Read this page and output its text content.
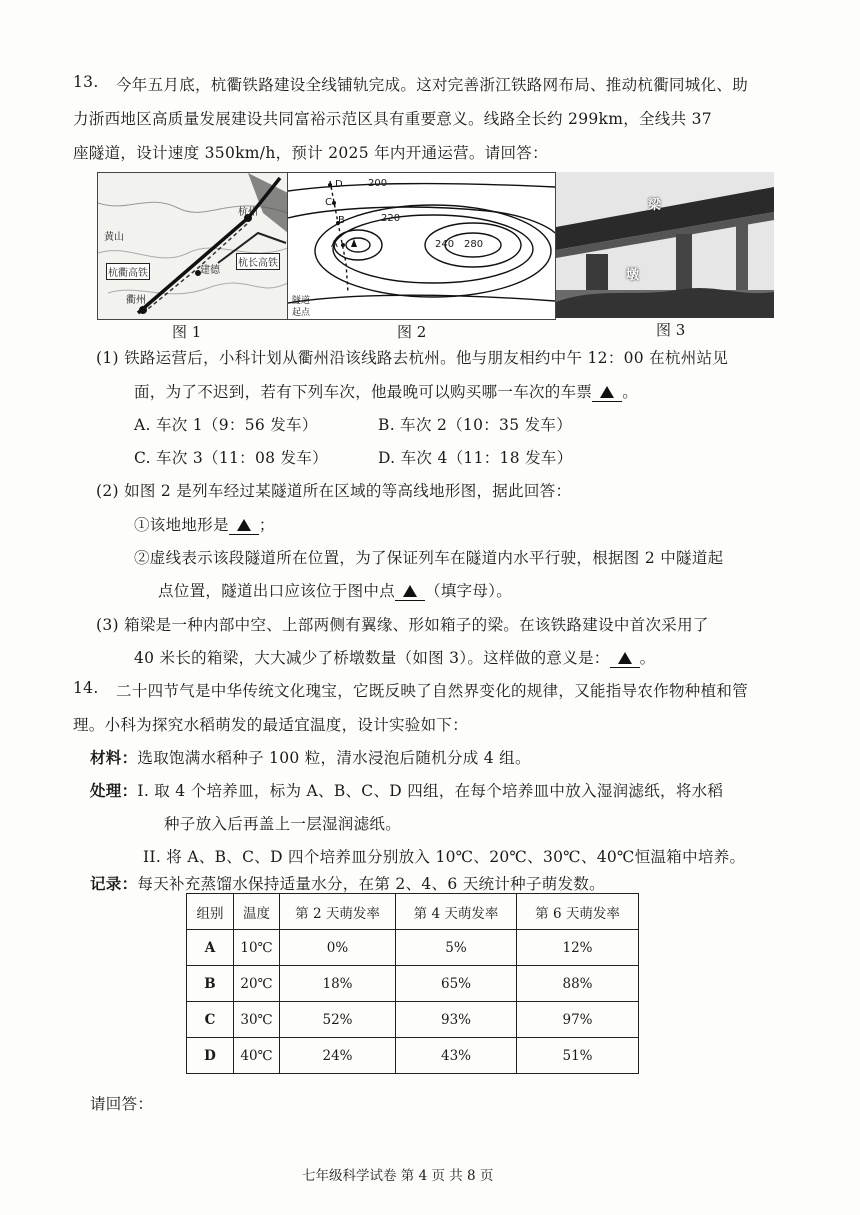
13. 今年五月底，杭衢铁路建设全线铺轨完成。这对完善浙江铁路网布局、推动杭衢同城化、助
力浙西地区高质量发展建设共同富裕示范区具有重要意义。线路全长约 299km，全线共 37
座隧道，设计速度 350km/h，预计 2025 年内开通运营。请回答：
黄山
杭州
杭衢高铁
杭长高铁
建德
衢州
图 1
200
220
240 280
D
C
B
A
隧道
起点
图 2
梁
墩
图 3
(1) 铁路运营后，小科计划从衢州沿该线路去杭州。他与朋友相约中午 12：00 在杭州站见
面，为了不迟到，若有下列车次，他最晚可以购买哪一车次的车票 。
A. 车次 1（9：56 发车）	B. 车次 2（10：35 发车）
C. 车次 3（11：08 发车）	D. 车次 4（11：18 发车）
(2) 如图 2 是列车经过某隧道所在区域的等高线地形图，据此回答：
①该地地形是 ；
②虚线表示该段隧道所在位置，为了保证列车在隧道内水平行驶，根据图 2 中隧道起
点位置，隧道出口应该位于图中点 （填字母）。
(3) 箱梁是一种内部中空、上部两侧有翼缘、形如箱子的梁。在该铁路建设中首次采用了
40 米长的箱梁，大大减少了桥墩数量（如图 3）。这样做的意义是： 。
14. 二十四节气是中华传统文化瑰宝，它既反映了自然界变化的规律，又能指导农作物种植和管
理。小科为探究水稻萌发的最适宜温度，设计实验如下：
材料：选取饱满水稻种子 100 粒，清水浸泡后随机分成 4 组。
处理：I. 取 4 个培养皿，标为 A、B、C、D 四组，在每个培养皿中放入湿润滤纸，将水稻
种子放入后再盖上一层湿润滤纸。
II. 将 A、B、C、D 四个培养皿分别放入 10℃、20℃、30℃、40℃恒温箱中培养。
记录：每天补充蒸馏水保持适量水分，在第 2、4、6 天统计种子萌发数。
组别	温度	第 2 天萌发率	第 4 天萌发率	第 6 天萌发率
A	10℃	0%	5%	12%
B	20℃	18%	65%	88%
C	30℃	52%	93%	97%
D	40℃	24%	43%	51%
请回答：
七年级科学试卷 第 4 页 共 8 页
